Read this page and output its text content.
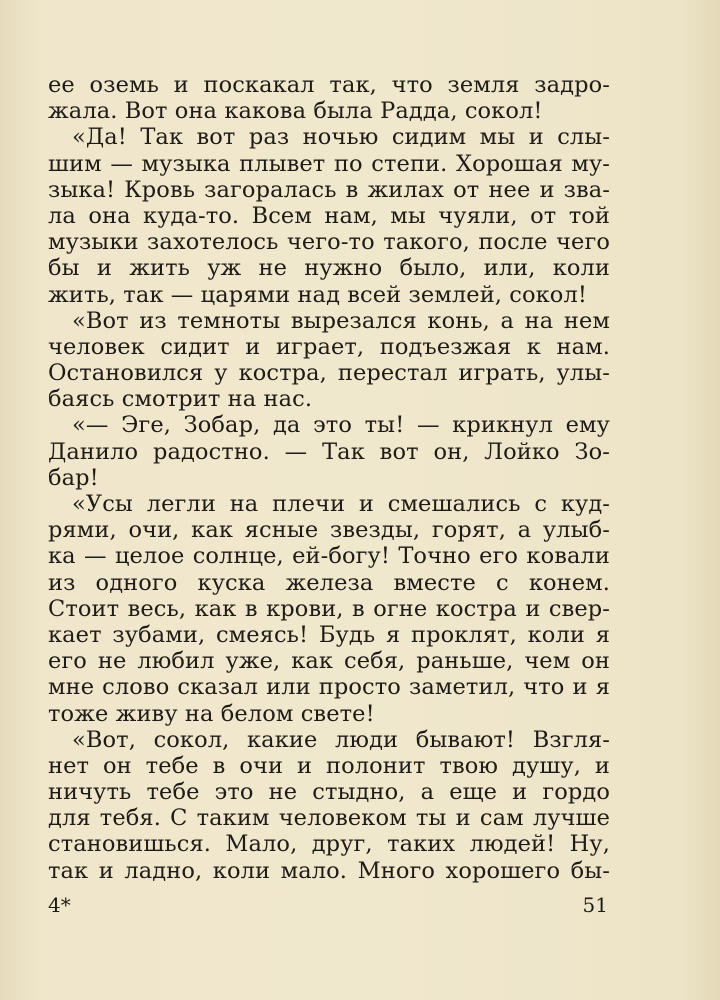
ее оземь и поскакал так, что земля задро-
жала. Вот она какова была Радда, сокол!
«Да! Так вот раз ночью сидим мы и слы-
шим — музыка плывет по степи. Хорошая му-
зыка! Кровь загоралась в жилах от нее и зва-
ла она куда-то. Всем нам, мы чуяли, от той
музыки захотелось чего-то такого, после чего
бы и жить уж не нужно было, или, коли
жить, так — царями над всей землей, сокол!
«Вот из темноты вырезался конь, а на нем
человек сидит и играет, подъезжая к нам.
Остановился у костра, перестал играть, улы-
баясь смотрит на нас.
«— Эге, Зобар, да это ты! — крикнул ему
Данило радостно. — Так вот он, Лойко Зо-
бар!
«Усы легли на плечи и смешались с куд-
рями, очи, как ясные звезды, горят, а улыб-
ка — целое солнце, ей-богу! Точно его ковали
из одного куска железа вместе с конем.
Стоит весь, как в крови, в огне костра и свер-
кает зубами, смеясь! Будь я проклят, коли я
его не любил уже, как себя, раньше, чем он
мне слово сказал или просто заметил, что и я
тоже живу на белом свете!
«Вот, сокол, какие люди бывают! Взгля-
нет он тебе в очи и полонит твою душу, и
ничуть тебе это не стыдно, а еще и гордо
для тебя. С таким человеком ты и сам лучше
становишься. Мало, друг, таких людей! Ну,
так и ладно, коли мало. Много хорошего бы-
4*	51
